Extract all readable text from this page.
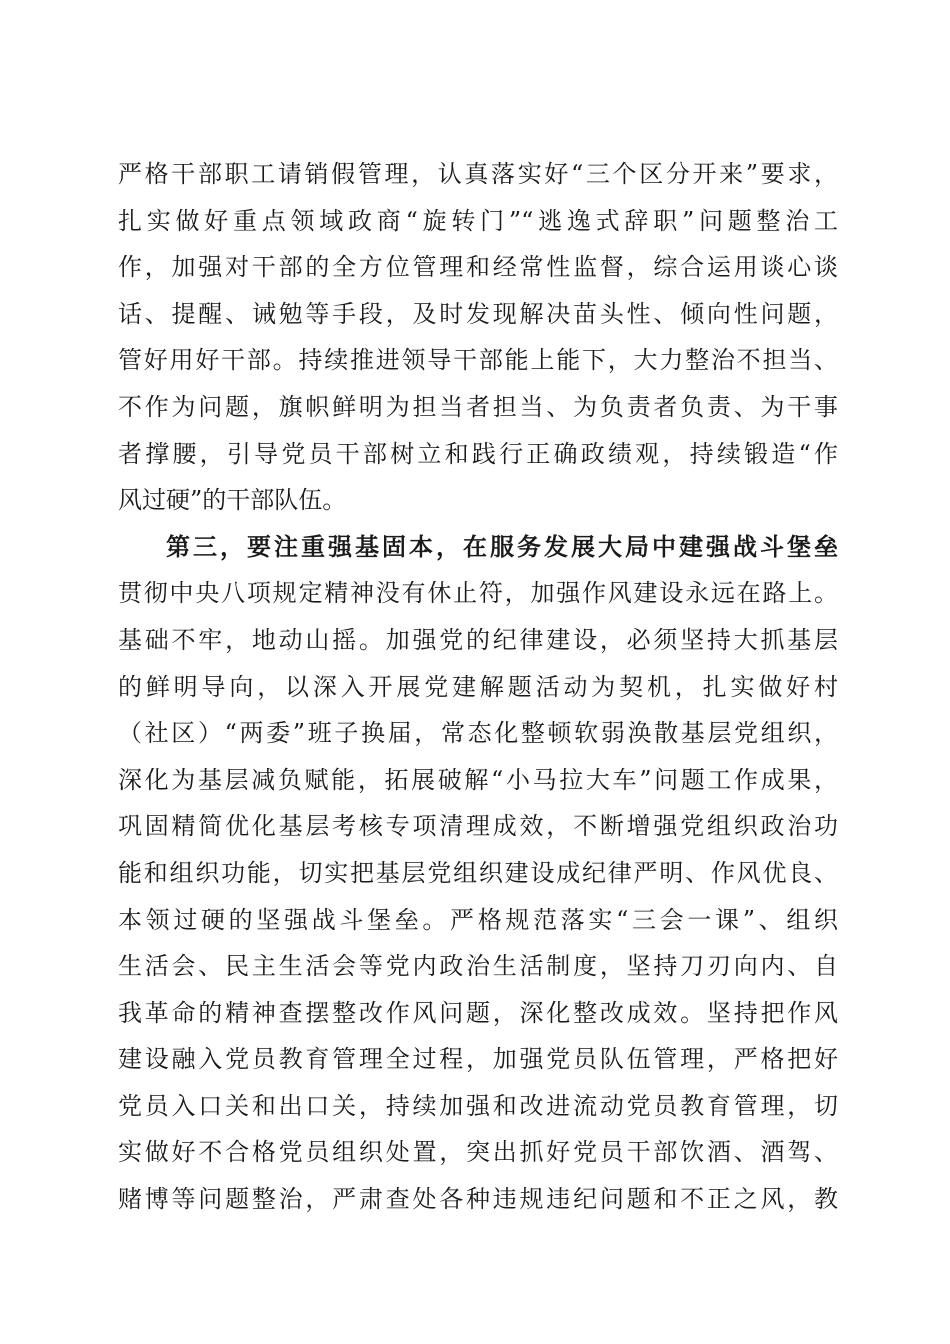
严格干部职工请销假管理，认真落实好“三个区分开来”要求，
扎实做好重点领域政商“旋转门”“逃逸式辞职”问题整治工
作，加强对干部的全方位管理和经常性监督，综合运用谈心谈
话、提醒、诫勉等手段，及时发现解决苗头性、倾向性问题，
管好用好干部。持续推进领导干部能上能下，大力整治不担当、
不作为问题，旗帜鲜明为担当者担当、为负责者负责、为干事
者撑腰，引导党员干部树立和践行正确政绩观，持续锻造“作
风过硬”的干部队伍。
第三，要注重强基固本，在服务发展大局中建强战斗堡垒
贯彻中央八项规定精神没有休止符，加强作风建设永远在路上。
基础不牢，地动山摇。加强党的纪律建设，必须坚持大抓基层
的鲜明导向，以深入开展党建解题活动为契机，扎实做好村
（社区）“两委”班子换届，常态化整顿软弱涣散基层党组织，
深化为基层减负赋能，拓展破解“小马拉大车”问题工作成果，
巩固精简优化基层考核专项清理成效，不断增强党组织政治功
能和组织功能，切实把基层党组织建设成纪律严明、作风优良、
本领过硬的坚强战斗堡垒。严格规范落实“三会一课”、组织
生活会、民主生活会等党内政治生活制度，坚持刀刃向内、自
我革命的精神查摆整改作风问题，深化整改成效。坚持把作风
建设融入党员教育管理全过程，加强党员队伍管理，严格把好
党员入口关和出口关，持续加强和改进流动党员教育管理，切
实做好不合格党员组织处置，突出抓好党员干部饮酒、酒驾、
赌博等问题整治，严肃查处各种违规违纪问题和不正之风，教
